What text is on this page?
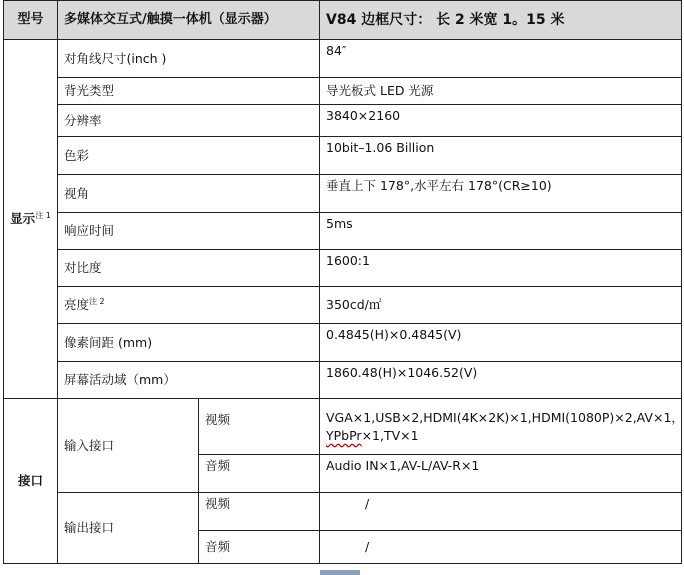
型号	多媒体交互式/触摸一体机（显示器）		V84 边框尺寸： 长 2 米宽 1。15 米
显示$^{注 1}$	对角线尺寸(inch )		84″
	背光类型		导光板式 LED 光源
	分辨率		3840×2160
	色彩		10bit–1.06 Billion
	视角		垂直上下 178°,水平左右 178°(CR≥10)
	响应时间		5ms
	对比度		1600:1
	亮度$^{注 2}$		350cd/㎡
	像素间距 (mm)		0.4845(H)×0.4845(V)
	屏幕活动域（mm）		1860.48(H)×1046.52(V)
接口	输入接口	视频	VGA×1,USB×2,HDMI(4K×2K)×1,HDMI(1080P)×2,AV×1， YPbPr×1,TV×1
		音频	Audio IN×1,AV-L/AV-R×1
	输出接口	视频	/
		音频	/
